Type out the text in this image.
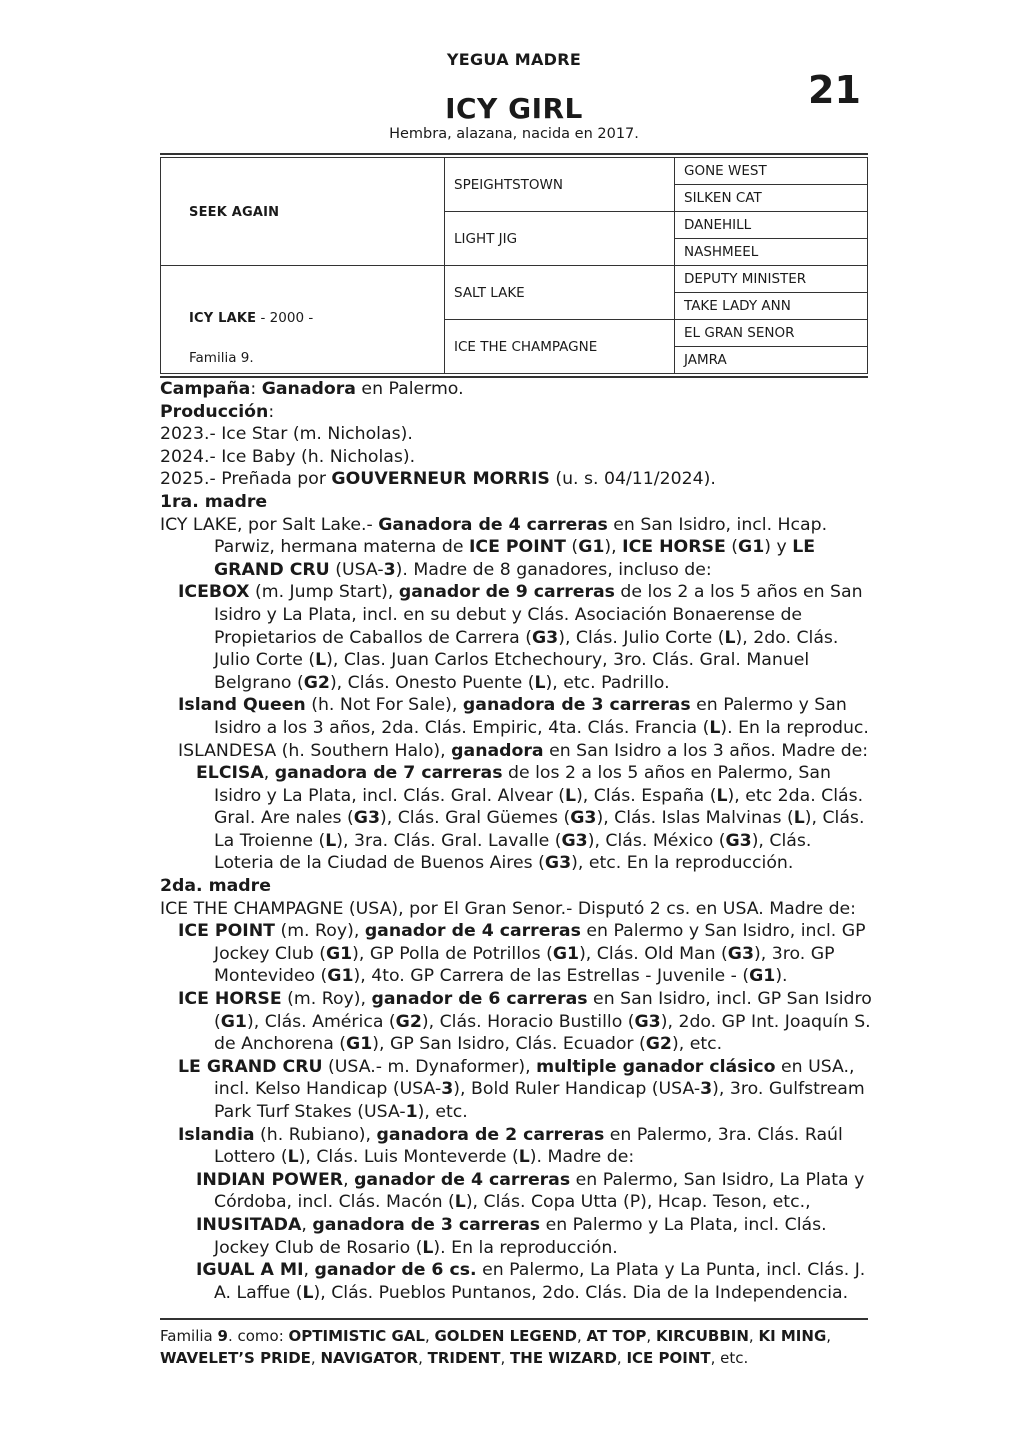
YEGUA MADRE
ICY GIRL
Hembra, alazana, nacida en 2017.
21
SEEK AGAIN	SPEIGHTSTOWN	GONE WEST
		SILKEN CAT
	LIGHT JIG	DANEHILL
		NASHMEEL

ICY LAKE - 2000 -
Familia 9.	SALT LAKE	DEPUTY MINISTER
		TAKE LADY ANN
	ICE THE CHAMPAGNE	EL GRAN SENOR
		JAMRA

Campaña: Ganadora en Palermo.

Producción:

2023.- Ice Star (m. Nicholas).

2024.- Ice Baby (h. Nicholas).

2025.- Preñada por GOUVERNEUR MORRIS (u. s. 04/11/2024).

1ra. madre

ICY LAKE, por Salt Lake.- Ganadora de 4 carreras en San Isidro, incl. Hcap. Parwiz, hermana materna de ICE POINT (G1), ICE HORSE (G1) y LE GRAND CRU (USA-3). Madre de 8 ganadores, incluso de:

ICEBOX (m. Jump Start), ganador de 9 carreras de los 2 a los 5 años en San Isidro y La Plata, incl. en su debut y Clás. Asociación Bonaerense de Propietarios de Caballos de Carrera (G3), Clás. Julio Corte (L), 2do. Clás. Julio Corte (L), Clas. Juan Carlos Etchechoury, 3ro. Clás. Gral. Manuel Belgrano (G2), Clás. Onesto Puente (L), etc. Padrillo.

Island Queen (h. Not For Sale), ganadora de 3 carreras en Palermo y San Isidro a los 3 años, 2da. Clás. Empiric, 4ta. Clás. Francia (L). En la reproduc.

ISLANDESA (h. Southern Halo), ganadora en San Isidro a los 3 años. Madre de:

ELCISA, ganadora de 7 carreras de los 2 a los 5 años en Palermo, San Isidro y La Plata, incl. Clás. Gral. Alvear (L), Clás. España (L), etc 2da. Clás. Gral. Are nales (G3), Clás. Gral Güemes (G3), Clás. Islas Malvinas (L), Clás. La Troienne (L), 3ra. Clás. Gral. Lavalle (G3), Clás. México (G3), Clás. Loteria de la Ciudad de Buenos Aires (G3), etc. En la reproducción.

2da. madre

ICE THE CHAMPAGNE (USA), por El Gran Senor.- Disputó 2 cs. en USA. Madre de:

ICE POINT (m. Roy), ganador de 4 carreras en Palermo y San Isidro, incl. GP Jockey Club (G1), GP Polla de Potrillos (G1), Clás. Old Man (G3), 3ro. GP Montevideo (G1), 4to. GP Carrera de las Estrellas - Juvenile - (G1).

ICE HORSE (m. Roy), ganador de 6 carreras en San Isidro, incl. GP San Isidro (G1), Clás. América (G2), Clás. Horacio Bustillo (G3), 2do. GP Int. Joaquín S. de Anchorena (G1), GP San Isidro, Clás. Ecuador (G2), etc.

LE GRAND CRU (USA.- m. Dynaformer), multiple ganador clásico en USA., incl. Kelso Handicap (USA-3), Bold Ruler Handicap (USA-3), 3ro. Gulfstream Park Turf Stakes (USA-1), etc.

Islandia (h. Rubiano), ganadora de 2 carreras en Palermo, 3ra. Clás. Raúl Lottero (L), Clás. Luis Monteverde (L). Madre de:

INDIAN POWER, ganador de 4 carreras en Palermo, San Isidro, La Plata y Córdoba, incl. Clás. Macón (L), Clás. Copa Utta (P), Hcap. Teson, etc.,

INUSITADA, ganadora de 3 carreras en Palermo y La Plata, incl. Clás. Jockey Club de Rosario (L). En la reproducción.

IGUAL A MI, ganador de 6 cs. en Palermo, La Plata y La Punta, incl. Clás. J. A. Laffue (L), Clás. Pueblos Puntanos, 2do. Clás. Dia de la Independencia.

Familia 9. como: OPTIMISTIC GAL, GOLDEN LEGEND, AT TOP, KIRCUBBIN, KI MING, WAVELET’S PRIDE, NAVIGATOR, TRIDENT, THE WIZARD, ICE POINT, etc.
